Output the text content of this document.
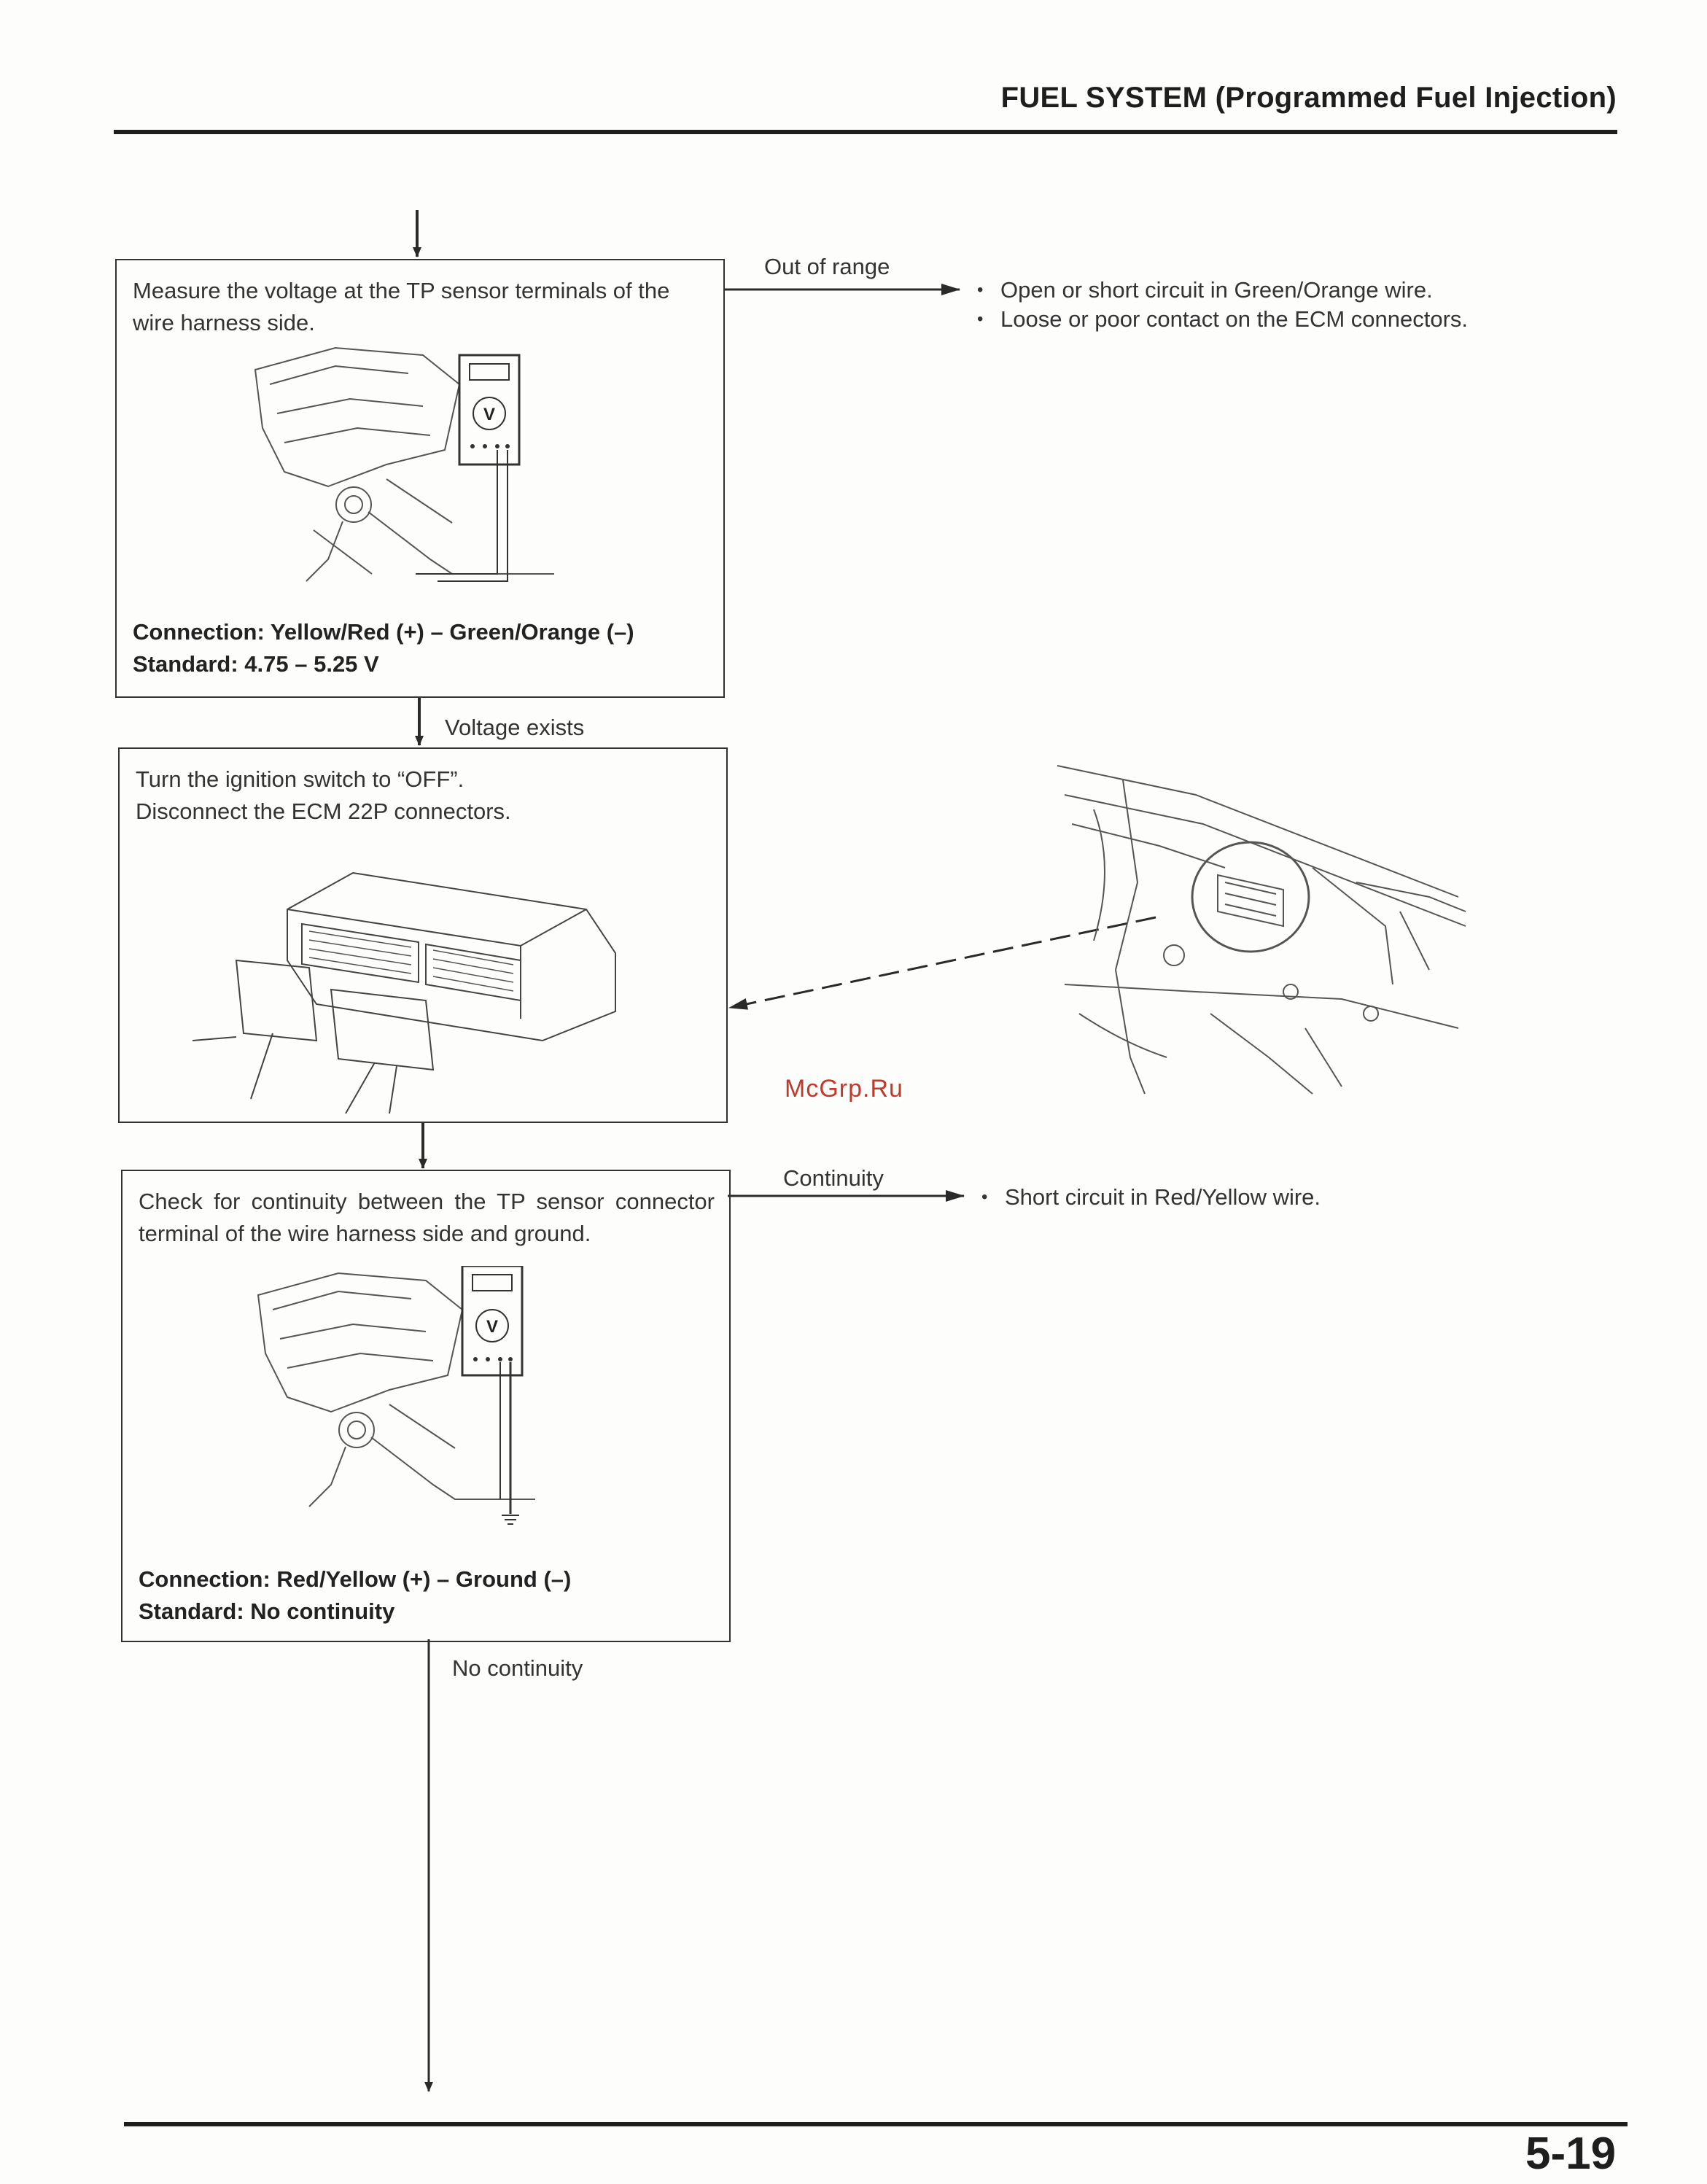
FUEL SYSTEM (Programmed Fuel Injection)
Out of range
• Open or short circuit in Green/Orange wire.
• Loose or poor contact on the ECM connectors.
Voltage exists
Continuity
• Short circuit in Red/Yellow wire.
No continuity
Measure the voltage at the TP sensor terminals of the wire harness side.
V
Connection: Yellow/Red (+) – Green/Orange (–)
Standard: 4.75 – 5.25 V
Turn the ignition switch to “OFF”.
Disconnect the ECM 22P connectors.
Check for continuity between the TP sensor connector terminal of the wire harness side and ground.
V
Connection: Red/Yellow (+) – Ground (–)
Standard: No continuity
McGrp.Ru
5-19
